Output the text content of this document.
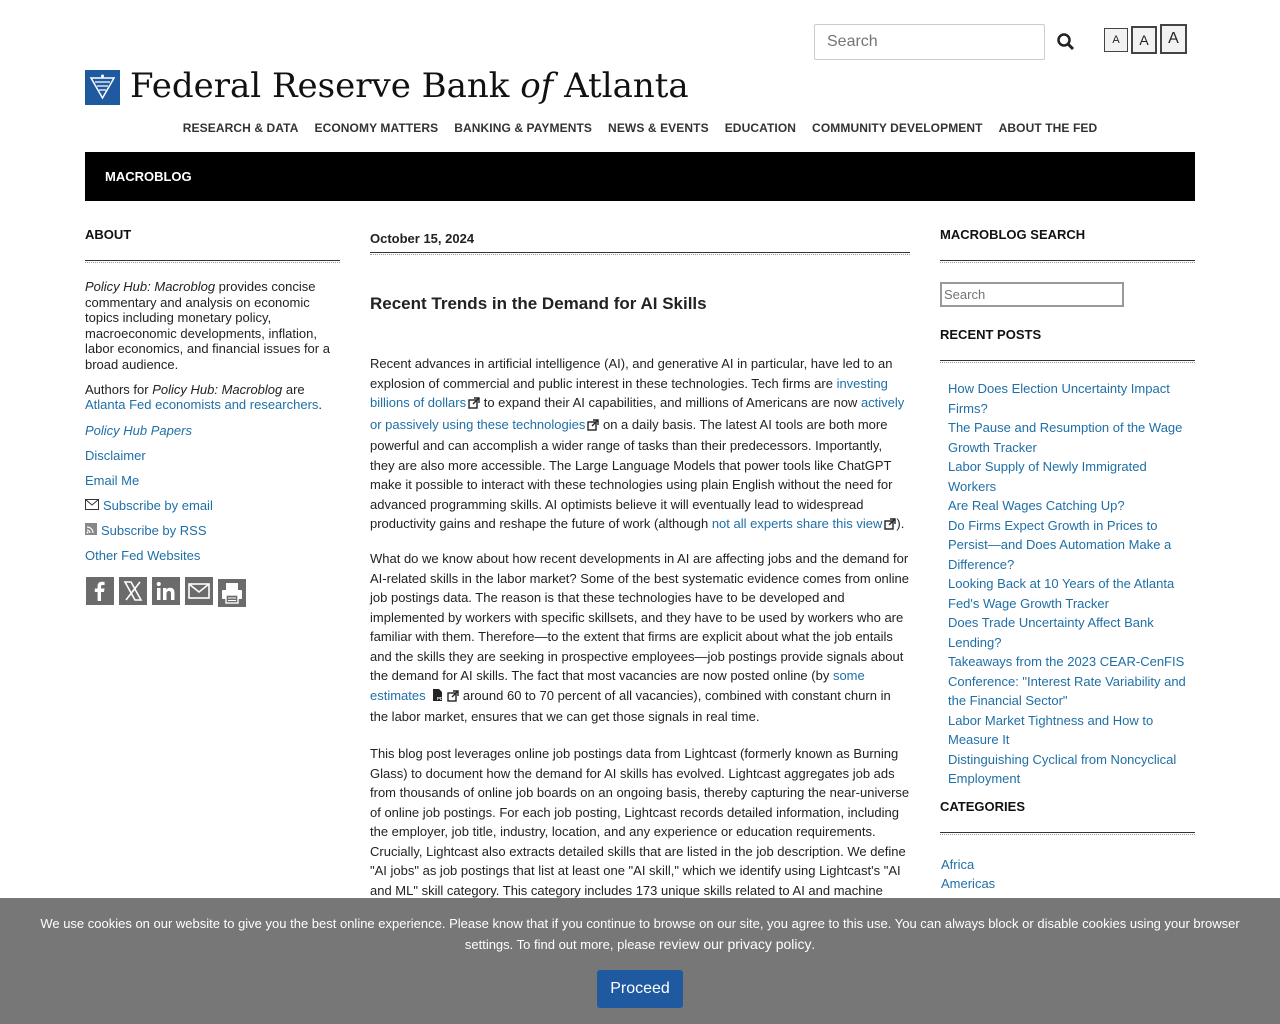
Search
A	A	A
Federal Reserve Bank of Atlanta
RESEARCH & DATA	ECONOMY MATTERS	BANKING & PAYMENTS	NEWS & EVENTS	EDUCATION	COMMUNITY DEVELOPMENT	ABOUT THE FED
MACROBLOG
ABOUT

Policy Hub: Macroblog provides concise commentary and analysis on economic topics including monetary policy, macroeconomic developments, inflation, labor economics, and financial issues for a broad audience.

Authors for Policy Hub: Macroblog are
Atlanta Fed economists and researchers.

Policy Hub Papers
Disclaimer
Email Me
Subscribe by email
Subscribe by RSS
Other Fed Websites
October 15, 2024
Recent Trends in the Demand for AI Skills

Recent advances in artificial intelligence (AI), and generative AI in particular, have led to an explosion of commercial and public interest in these technologies. Tech firms are investing billions of dollars to expand their AI capabilities, and millions of Americans are now actively or passively using these technologies on a daily basis. The latest AI tools are both more powerful and can accomplish a wider range of tasks than their predecessors. Importantly, they are also more accessible. The Large Language Models that power tools like ChatGPT make it possible to interact with these technologies using plain English without the need for advanced programming skills. AI optimists believe it will eventually lead to widespread productivity gains and reshape the future of work (although not all experts share this view ).

What do we know about how recent developments in AI are affecting jobs and the demand for AI-related skills in the labor market? Some of the best systematic evidence comes from online job postings data. The reason is that these technologies have to be developed and implemented by workers with specific skillsets, and they have to be used by workers who are familiar with them. Therefore—to the extent that firms are explicit about what the job entails and the skills they are seeking in prospective employees—job postings provide signals about the demand for AI skills. The fact that most vacancies are now posted online (by some estimates	PDF around 60 to 70 percent of all vacancies), combined with constant churn in the labor market, ensures that we can get those signals in real time.

This blog post leverages online job postings data from Lightcast (formerly known as Burning Glass) to document how the demand for AI skills has evolved. Lightcast aggregates job ads from thousands of online job boards on an ongoing basis, thereby capturing the near-universe of online job postings. For each job posting, Lightcast records detailed information, including the employer, job title, industry, location, and any experience or education requirements. Crucially, Lightcast also extracts detailed skills that are listed in the job description. We define "AI jobs" as job postings that list at least one "AI skill," which we identify using Lightcast's "AI and ML" skill category. This category includes 173 unique skills related to AI and machine

MACROBLOG SEARCH
Search
RECENT POSTS
How Does Election Uncertainty Impact Firms?
The Pause and Resumption of the Wage Growth Tracker
Labor Supply of Newly Immigrated Workers
Are Real Wages Catching Up?
Do Firms Expect Growth in Prices to Persist—and Does Automation Make a Difference?
Looking Back at 10 Years of the Atlanta Fed's Wage Growth Tracker
Does Trade Uncertainty Affect Bank Lending?
Takeaways from the 2023 CEAR-CenFIS Conference: "Interest Rate Variability and the Financial Sector"
Labor Market Tightness and How to Measure It
Distinguishing Cyclical from Noncyclical Employment
CATEGORIES
Africa
Americas
We use cookies on our website to give you the best online experience. Please know that if you continue to browse on our site, you agree to this use. You can always block or disable cookies using your browser settings. To find out more, please review our privacy policy.
Proceed
